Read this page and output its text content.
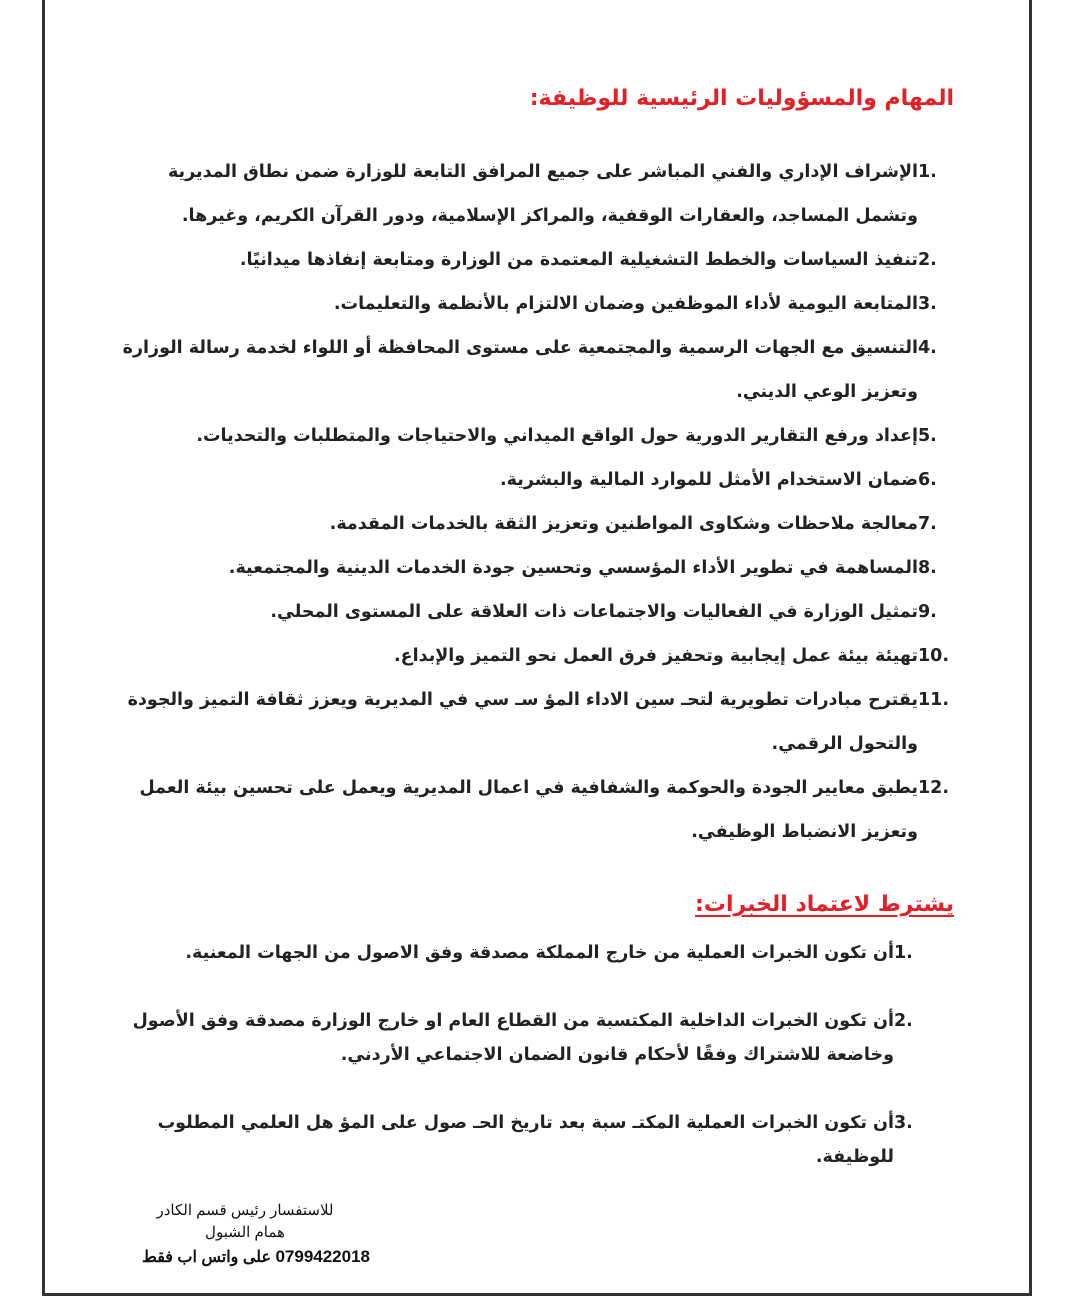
المهام والمسؤوليات الرئيسية للوظيفة:
1.
الإشراف الإداري والفني المباشر على جميع المرافق التابعة للوزارة ضمن نطاق المديرية وتشمل المساجد، والعقارات الوقفية، والمراكز الإسلامية، ودور القرآن الكريم، وغيرها.
2.
تنفيذ السياسات والخطط التشغيلية المعتمدة من الوزارة ومتابعة إنفاذها ميدانيًا.
3.
المتابعة اليومية لأداء الموظفين وضمان الالتزام بالأنظمة والتعليمات.
4.
التنسيق مع الجهات الرسمية والمجتمعية على مستوى المحافظة أو اللواء لخدمة رسالة الوزارة وتعزيز الوعي الديني.
5.
إعداد ورفع التقارير الدورية حول الواقع الميداني والاحتياجات والمتطلبات والتحديات.
6.
ضمان الاستخدام الأمثل للموارد المالية والبشرية.
7.
معالجة ملاحظات وشكاوى المواطنين وتعزيز الثقة بالخدمات المقدمة.
8.
المساهمة في تطوير الأداء المؤسسي وتحسين جودة الخدمات الدينية والمجتمعية.
9.
تمثيل الوزارة في الفعاليات والاجتماعات ذات العلاقة على المستوى المحلي.
10.
تهيئة بيئة عمل إيجابية وتحفيز فرق العمل نحو التميز والإبداع.
11.
يقترح مبادرات تطويرية لتحـ سين الاداء المؤ سـ سي في المديرية ويعزز ثقافة التميز والجودة والتحول الرقمي.
12.
يطبق معايير الجودة والحوكمة والشفافية في اعمال المديرية ويعمل على تحسين بيئة العمل وتعزيز الانضباط الوظيفي.
يشترط لاعتماد الخبرات:
1.
أن تكون الخبرات العملية من خارج المملكة مصدقة وفق الاصول من الجهات المعنية.
2.
أن تكون الخبرات الداخلية المكتسبة من القطاع العام او خارج الوزارة مصدقة وفق الأصول وخاضعة للاشتراك وفقًا لأحكام قانون الضمان الاجتماعي الأردني.
3.
أن تكون الخبرات العملية المكتـ سبة بعد تاريخ الحـ صول على المؤ هل العلمي المطلوب للوظيفة.
للاستفسار رئيس قسم الكادر
همام الشبول
0799422018 على واتس اب فقط
